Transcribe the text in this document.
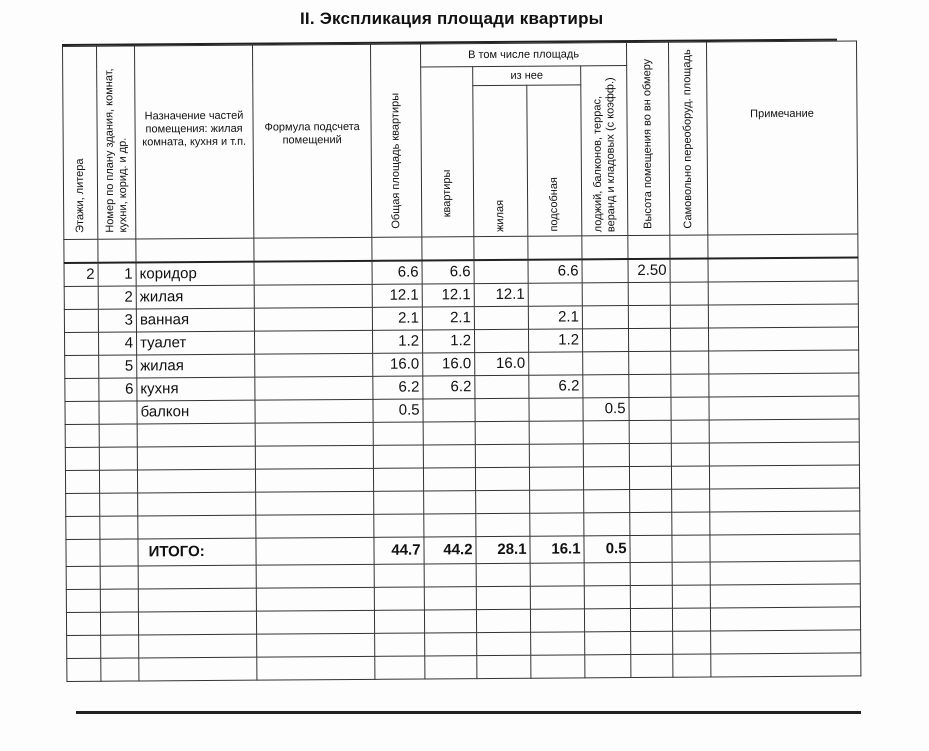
II. Экспликация площади квартиры
Этажи, литера	Номер по плану здания, комнат, кухни, корид. и др.	Назначение частей помещения: жилая комната, кухня и т.п.	Формула подсчета помещений	Общая площадь квартиры	В том числе площадь				Высота помещения во вн обмеру	Самовольно переоборуд. площадь	Примечание

					квартиры	из нее		лоджий, балконов, террас, веранд и кладовых (с коэфф.)			

						жилая	подсобная				

2	1	коридор		6.6	6.6		6.6		2.50		
	2	жилая		12.1	12.1	12.1					
	3	ванная		2.1	2.1		2.1				
	4	туалет		1.2	1.2		1.2				
	5	жилая		16.0	16.0	16.0					
	6	кухня		6.2	6.2		6.2				
		балкон		0.5				0.5			

		ИТОГО:		44.7	44.2	28.1	16.1	0.5			
